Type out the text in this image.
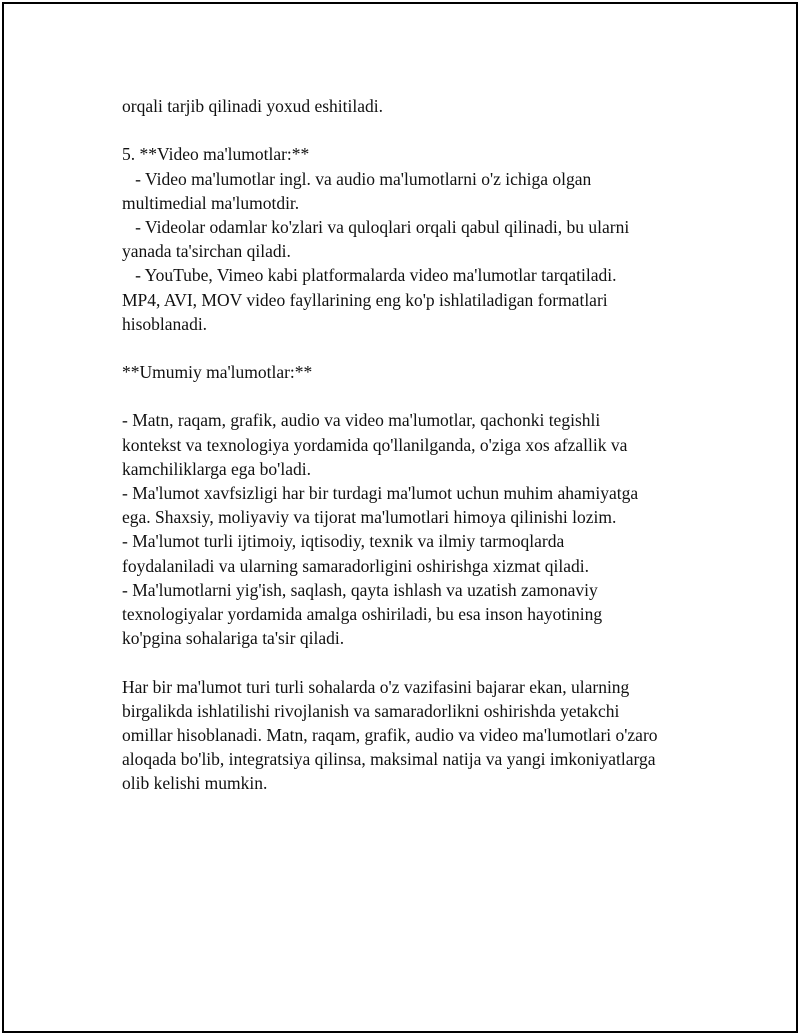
orqali tarjib qilinadi yoxud eshitiladi.
5. **Video ma'lumotlar:**
- Video ma'lumotlar ingl. va audio ma'lumotlarni o'z ichiga olgan
multimedial ma'lumotdir.
- Videolar odamlar ko'zlari va quloqlari orqali qabul qilinadi, bu ularni
yanada ta'sirchan qiladi.
- YouTube, Vimeo kabi platformalarda video ma'lumotlar tarqatiladi.
MP4, AVI, MOV video fayllarining eng ko'p ishlatiladigan formatlari
hisoblanadi.
**Umumiy ma'lumotlar:**
- Matn, raqam, grafik, audio va video ma'lumotlar, qachonki tegishli
kontekst va texnologiya yordamida qo'llanilganda, o'ziga xos afzallik va
kamchiliklarga ega bo'ladi.
- Ma'lumot xavfsizligi har bir turdagi ma'lumot uchun muhim ahamiyatga
ega. Shaxsiy, moliyaviy va tijorat ma'lumotlari himoya qilinishi lozim.
- Ma'lumot turli ijtimoiy, iqtisodiy, texnik va ilmiy tarmoqlarda
foydalaniladi va ularning samaradorligini oshirishga xizmat qiladi.
- Ma'lumotlarni yig'ish, saqlash, qayta ishlash va uzatish zamonaviy
texnologiyalar yordamida amalga oshiriladi, bu esa inson hayotining
ko'pgina sohalariga ta'sir qiladi.
Har bir ma'lumot turi turli sohalarda o'z vazifasini bajarar ekan, ularning
birgalikda ishlatilishi rivojlanish va samaradorlikni oshirishda yetakchi
omillar hisoblanadi. Matn, raqam, grafik, audio va video ma'lumotlari o'zaro
aloqada bo'lib, integratsiya qilinsa, maksimal natija va yangi imkoniyatlarga
olib kelishi mumkin.
